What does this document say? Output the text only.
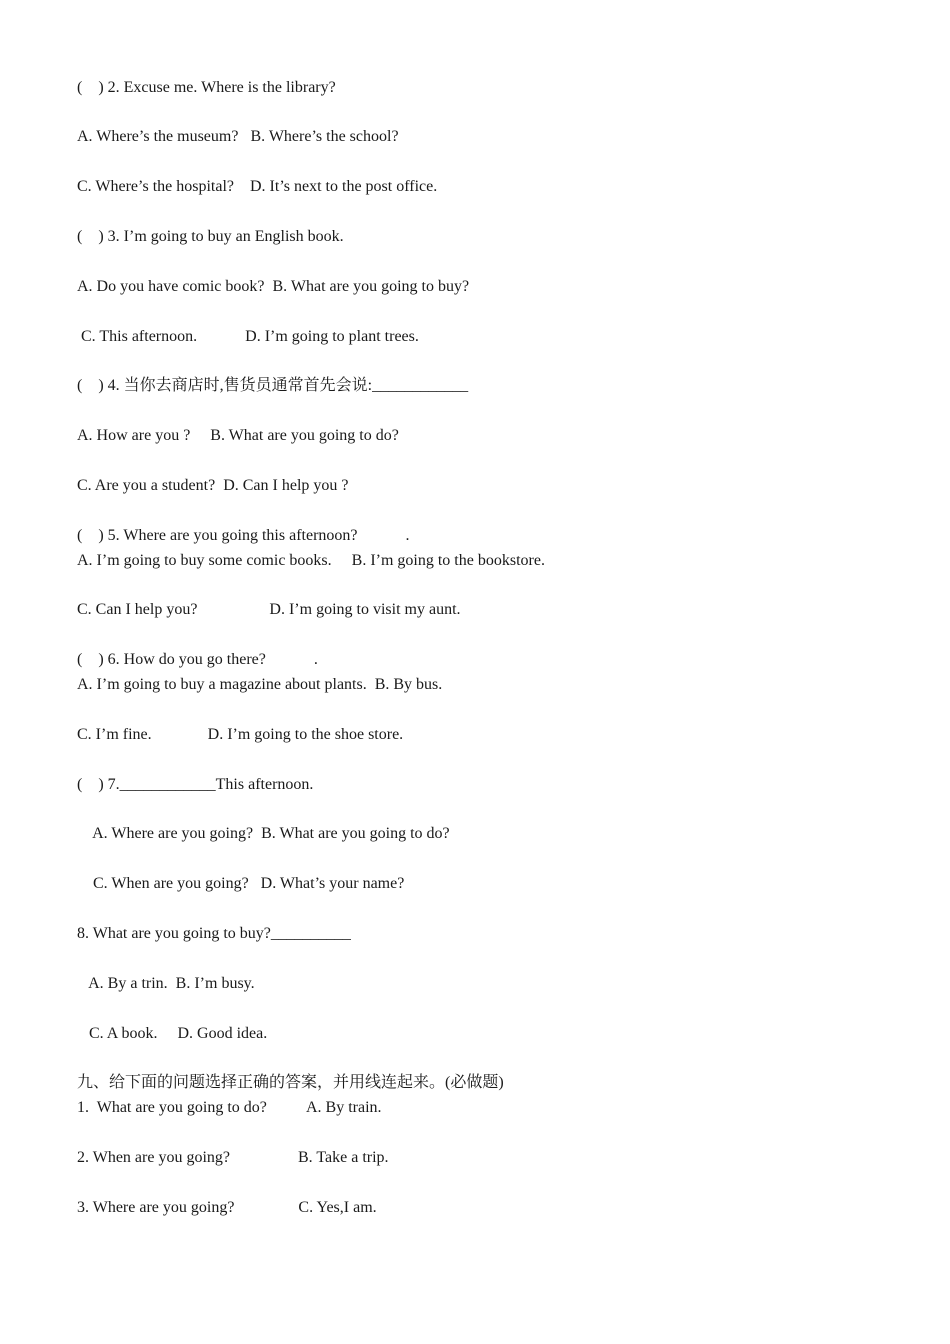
(    ) 2. Excuse me. Where is the library?
A. Where’s the museum?   B. Where’s the school?
C. Where’s the hospital?    D. It’s next to the post office.
(    ) 3. I’m going to buy an English book.
A. Do you have comic book?  B. What are you going to buy?
C. This afternoon.            D. I’m going to plant trees.
(    ) 4. 当你去商店时,售货员通常首先会说:____________
A. How are you ?     B. What are you going to do?
C. Are you a student?  D. Can I help you ?
(    ) 5. Where are you going this afternoon?            .
A. I’m going to buy some comic books.     B. I’m going to the bookstore.
C. Can I help you?                  D. I’m going to visit my aunt.
(    ) 6. How do you go there?            .
A. I’m going to buy a magazine about plants.  B. By bus.
C. I’m fine.              D. I’m going to the shoe store.
(    ) 7.____________This afternoon.
A. Where are you going?  B. What are you going to do?
C. When are you going?   D. What’s your name?
8. What are you going to buy?__________
A. By a trin.  B. I’m busy.
C. A book.     D. Good idea.
九、给下面的问题选择正确的答案，并用线连起来。(必做题)
1.  What are you going to do?          A. By train.
2. When are you going?                 B. Take a trip.
3. Where are you going?                C. Yes,I am.
